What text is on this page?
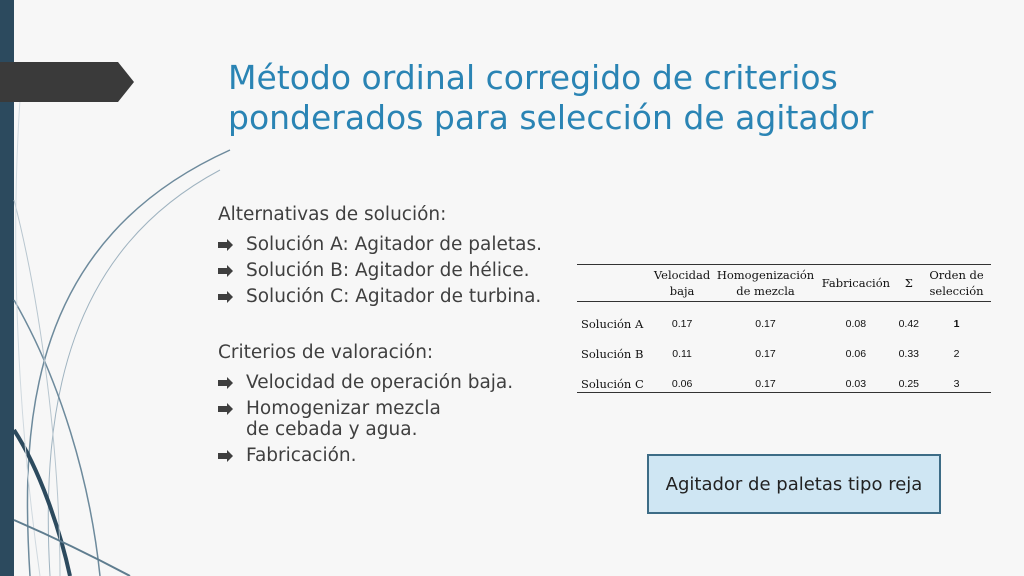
Método ordinal corregido de criterios ponderados para selección de agitador

Alternativas de solución:

Solución A: Agitador de paletas.
Solución B: Agitador de hélice.
Solución C: Agitador de turbina.

Criterios de valoración:

Velocidad de operación baja.
Homogenizar mezcla de cebada y agua.
Fabricación.
	Velocidad baja	Homogenización de mezcla	Fabricación	Σ	Orden de selección
Solución A	0.17	0.17	0.08	0.42	1
Solución B	0.11	0.17	0.06	0.33	2
Solución C	0.06	0.17	0.03	0.25	3
Agitador de paletas tipo reja
